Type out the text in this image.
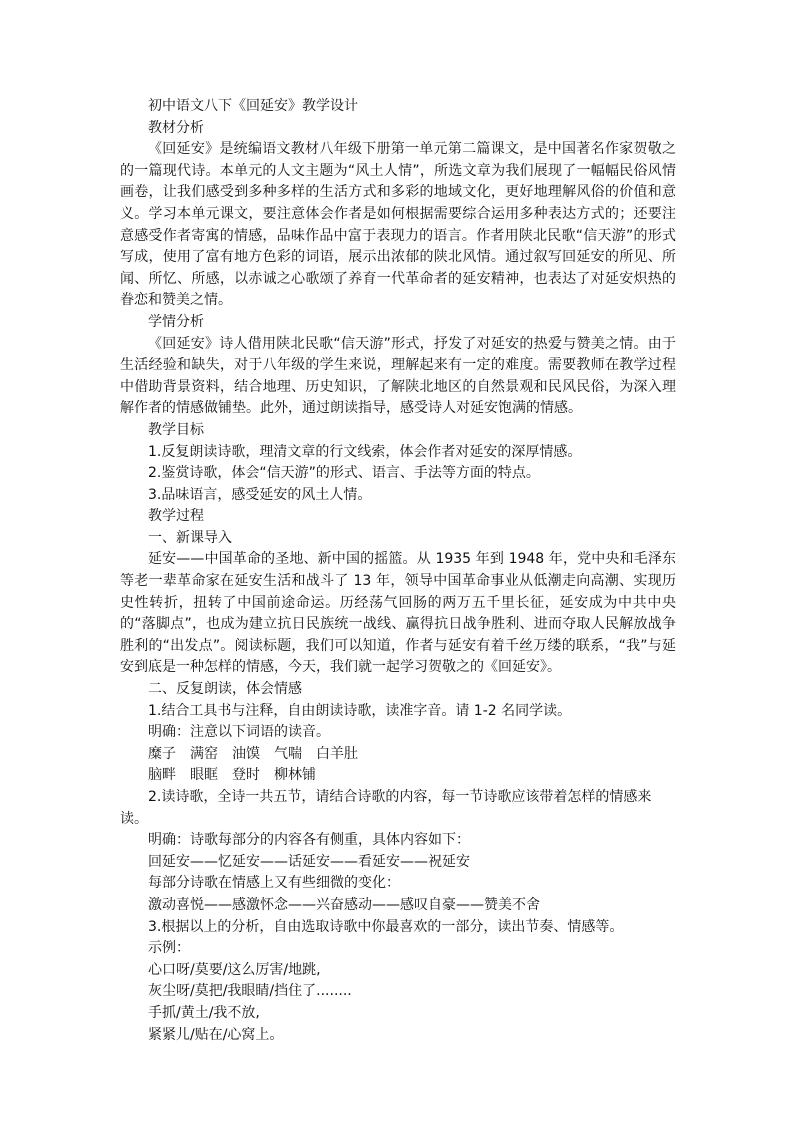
初中语文八下《回延安》教学设计
教材分析

《回延安》是统编语文教材八年级下册第一单元第二篇课文，是中国著名作家贺敬之的一篇现代诗。本单元的人文主题为“风土人情”，所选文章为我们展现了一幅幅民俗风情画卷，让我们感受到多种多样的生活方式和多彩的地域文化，更好地理解风俗的价值和意义。学习本单元课文，要注意体会作者是如何根据需要综合运用多种表达方式的；还要注意感受作者寄寓的情感，品味作品中富于表现力的语言。作者用陕北民歌“信天游”的形式写成，使用了富有地方色彩的词语，展示出浓郁的陕北风情。通过叙写回延安的所见、所闻、所忆、所感，以赤诚之心歌颂了养育一代革命者的延安精神，也表达了对延安炽热的眷恋和赞美之情。

学情分析

《回延安》诗人借用陕北民歌“信天游”形式，抒发了对延安的热爱与赞美之情。由于生活经验和缺失，对于八年级的学生来说，理解起来有一定的难度。需要教师在教学过程中借助背景资料，结合地理、历史知识，了解陕北地区的自然景观和民风民俗，为深入理解作者的情感做铺垫。此外，通过朗读指导，感受诗人对延安饱满的情感。

教学目标
1.反复朗读诗歌，理清文章的行文线索，体会作者对延安的深厚情感。
2.鉴赏诗歌，体会“信天游”的形式、语言、手法等方面的特点。
3.品味语言，感受延安的风土人情。
教学过程
一、新课导入

延安——中国革命的圣地、新中国的摇篮。从 1935 年到 1948 年，党中央和毛泽东等老一辈革命家在延安生活和战斗了 13 年，领导中国革命事业从低潮走向高潮、实现历史性转折，扭转了中国前途命运。历经荡气回肠的两万五千里长征，延安成为中共中央的“落脚点”，也成为建立抗日民族统一战线、赢得抗日战争胜利、进而夺取人民解放战争胜利的“出发点”。阅读标题，我们可以知道，作者与延安有着千丝万缕的联系，“我”与延安到底是一种怎样的情感，今天，我们就一起学习贺敬之的《回延安》。

二、反复朗读，体会情感
1.结合工具书与注释，自由朗读诗歌，读准字音。请 1-2 名同学读。
明确：注意以下词语的读音。
糜子 满窑 油馍 气喘 白羊肚
脑畔 眼眶 登时 柳林铺

2.读诗歌，全诗一共五节，请结合诗歌的内容，每一节诗歌应该带着怎样的情感来读。

明确：诗歌每部分的内容各有侧重，具体内容如下：
回延安——忆延安——话延安——看延安——祝延安
每部分诗歌在情感上又有些细微的变化：
激动喜悦——感激怀念——兴奋感动——感叹自豪——赞美不舍
3.根据以上的分析，自由选取诗歌中你最喜欢的一部分，读出节奏、情感等。
示例：
心口呀/莫要/这么厉害/地跳,
灰尘呀/莫把/我眼睛/挡住了........
手抓/黄土/我不放,
紧紧儿/贴在/心窝上。
